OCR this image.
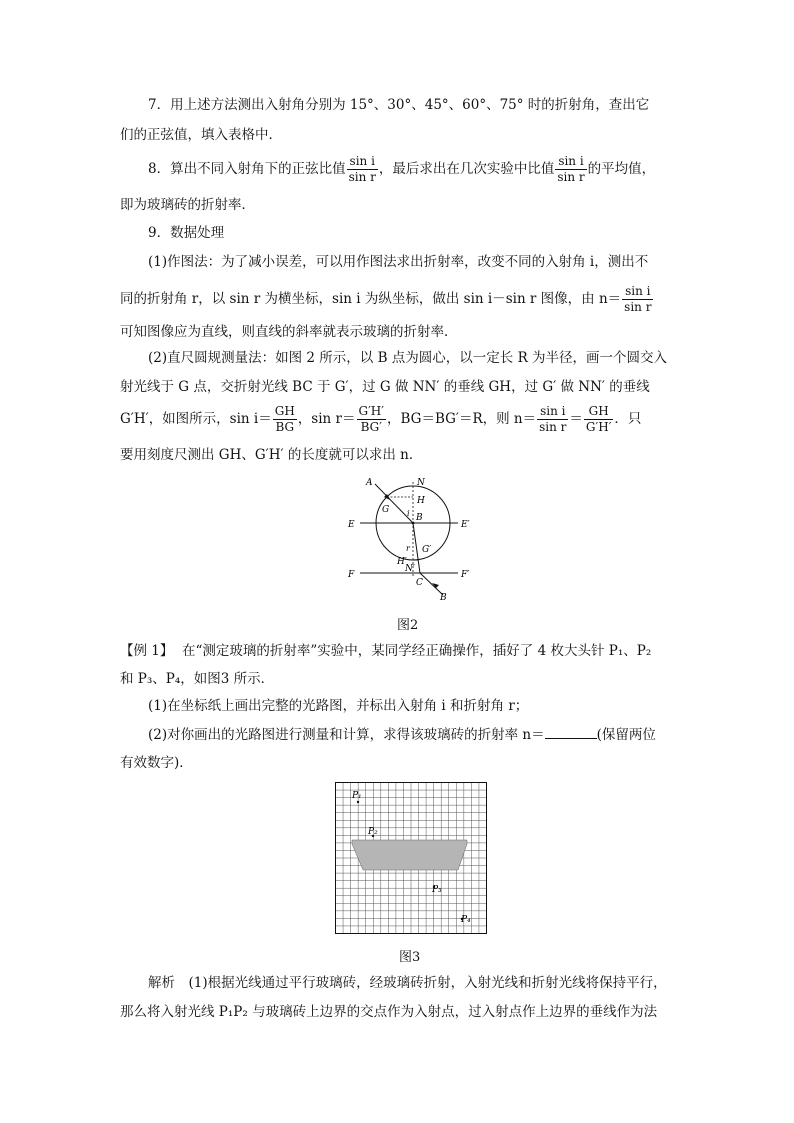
7．用上述方法测出入射角分别为 15°、30°、45°、60°、75° 时的折射角，查出它
们的正弦值，填入表格中．
8．算出不同入射角下的正弦比值 $\frac{\text{sin i}}{\text{sin r}}$ ，最后求出在几次实验中比值 $\frac{\text{sin i}}{\text{sin r}}$ 的平均值，
即为玻璃砖的折射率．
9．数据处理
(1)作图法：为了减小误差，可以用作图法求出折射率，改变不同的入射角 i，测出不
同的折射角 r，以 sin r 为横坐标，sin i 为纵坐标，做出 sin i－sin r 图像，由 $n= \frac{\text{sin i}}{\text{sin r}}$
可知图像应为直线，则直线的斜率就表示玻璃的折射率．
(2)直尺圆规测量法：如图 2 所示，以 B 点为圆心，以一定长 R 为半径，画一个圆交入
射光线于 G 点，交折射光线 BC 于 G′，过 G 做 NN′ 的垂线 GH，过 G′ 做 NN′ 的垂线
G′H′，如图所示，$\sin i= \frac{GH}{BG}$ ，$\sin r= \frac{G'H'}{BG'}$ ，BG＝BG′＝R，则 $n= \frac{\text{sin i}}{\text{sin r}} = \frac{GH}{G'H'}$ ．只
要用刻度尺测出 GH、G′H′ 的长度就可以求出 n．
A	N
H
G i B
E	E′
r
H′
G′
N′
F	F′
C
B
图2
【例 1】 在“测定玻璃的折射率”实验中，某同学经正确操作，插好了 4 枚大头针 P₁、P₂
和 P₃、P₄，如图3 所示．
(1)在坐标纸上画出完整的光路图，并标出入射角 i 和折射角 r；
(2)对你画出的光路图进行测量和计算，求得该玻璃砖的折射率 n＝	(保留两位
有效数字)．
P₁
P₂
P₃
P₄
图3
解析　(1)根据光线通过平行玻璃砖，经玻璃砖折射，入射光线和折射光线将保持平行，
那么将入射光线 P₁P₂ 与玻璃砖上边界的交点作为入射点，过入射点作上边界的垂线作为法
